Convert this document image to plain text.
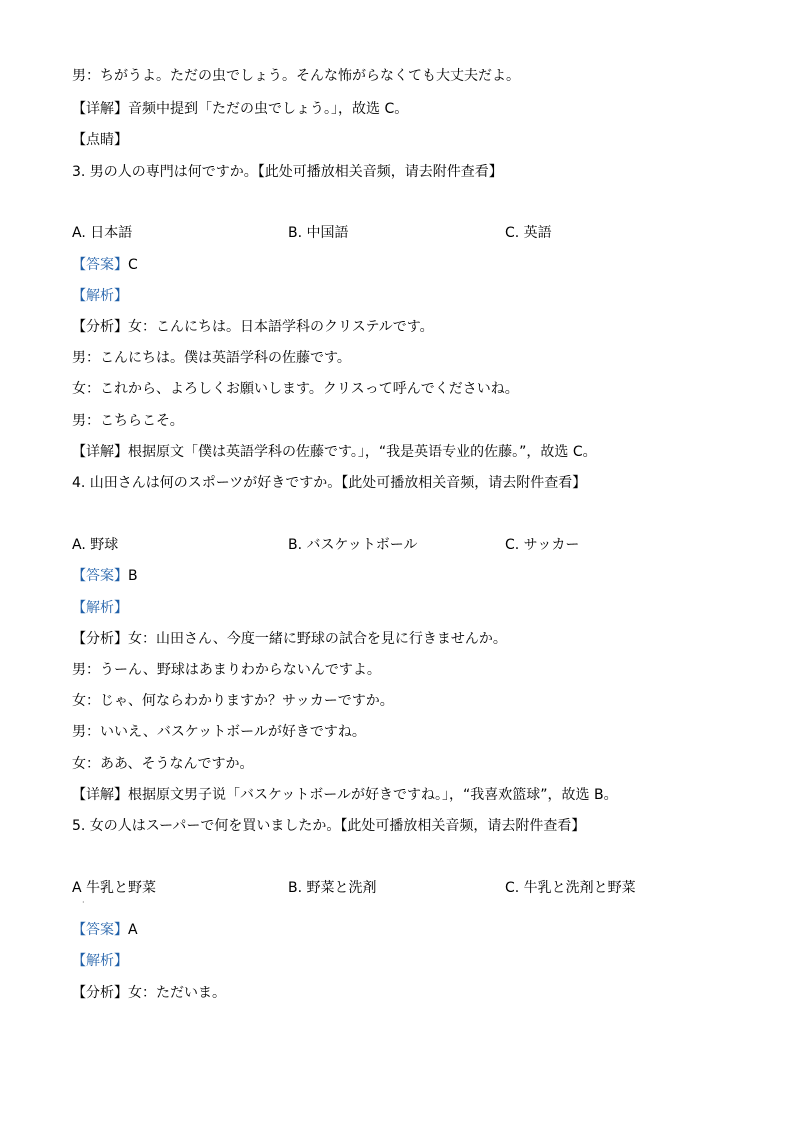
男：ちがうよ。ただの虫でしょう。そんな怖がらなくても大丈夫だよ。
【详解】音频中提到「ただの虫でしょう。」，故选 C。
【点睛】
3. 男の人の専門は何ですか。【此处可播放相关音频，请去附件查看】
A. 日本語	B. 中国語	C. 英語
【答案】C
【解析】
【分析】女：こんにちは。日本語学科のクリステルです。
男：こんにちは。僕は英語学科の佐藤です。
女：これから、よろしくお願いします。クリスって呼んでくださいね。
男：こちらこそ。
【详解】根据原文「僕は英語学科の佐藤です。」，“我是英语专业的佐藤。”，故选 C。
4. 山田さんは何のスポーツが好きですか。【此处可播放相关音频，请去附件查看】
A. 野球	B. バスケットボール	C. サッカー
【答案】B
【解析】
【分析】女：山田さん、今度一緒に野球の試合を見に行きませんか。
男：うーん、野球はあまりわからないんですよ。
女：じゃ、何ならわかりますか？サッカーですか。
男：いいえ、バスケットボールが好きですね。
女：ああ、そうなんですか。
【详解】根据原文男子说「バスケットボールが好きですね。」，“我喜欢篮球”，故选 B。
5. 女の人はスーパーで何を買いましたか。【此处可播放相关音频，请去附件查看】
A 牛乳と野菜	B. 野菜と洗剤	C. 牛乳と洗剤と野菜
·
【答案】A
【解析】
【分析】女：ただいま。
